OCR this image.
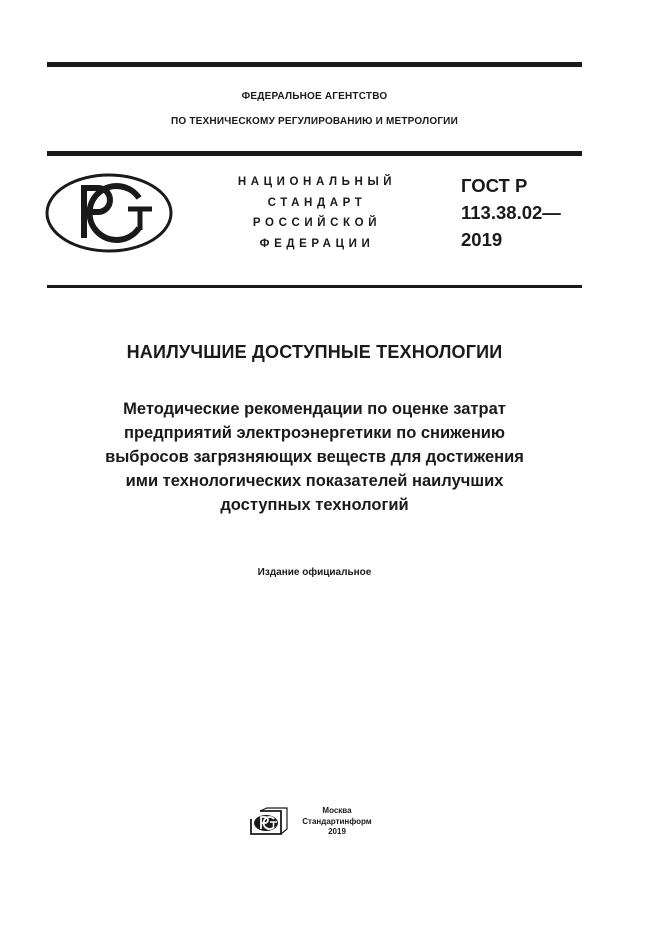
ФЕДЕРАЛЬНОЕ АГЕНТСТВО
ПО ТЕХНИЧЕСКОМУ РЕГУЛИРОВАНИЮ И МЕТРОЛОГИИ
НАЦИОНАЛЬНЫЙ
СТАНДАРТ
РОССИЙСКОЙ
ФЕДЕРАЦИИ
ГОСТ Р
113.38.02—
2019
НАИЛУЧШИЕ ДОСТУПНЫЕ ТЕХНОЛОГИИ
Методические рекомендации по оценке затрат
предприятий электроэнергетики по снижению
выбросов загрязняющих веществ для достижения
ими технологических показателей наилучших
доступных технологий
Издание официальное
Москва
Стандартинформ
2019
